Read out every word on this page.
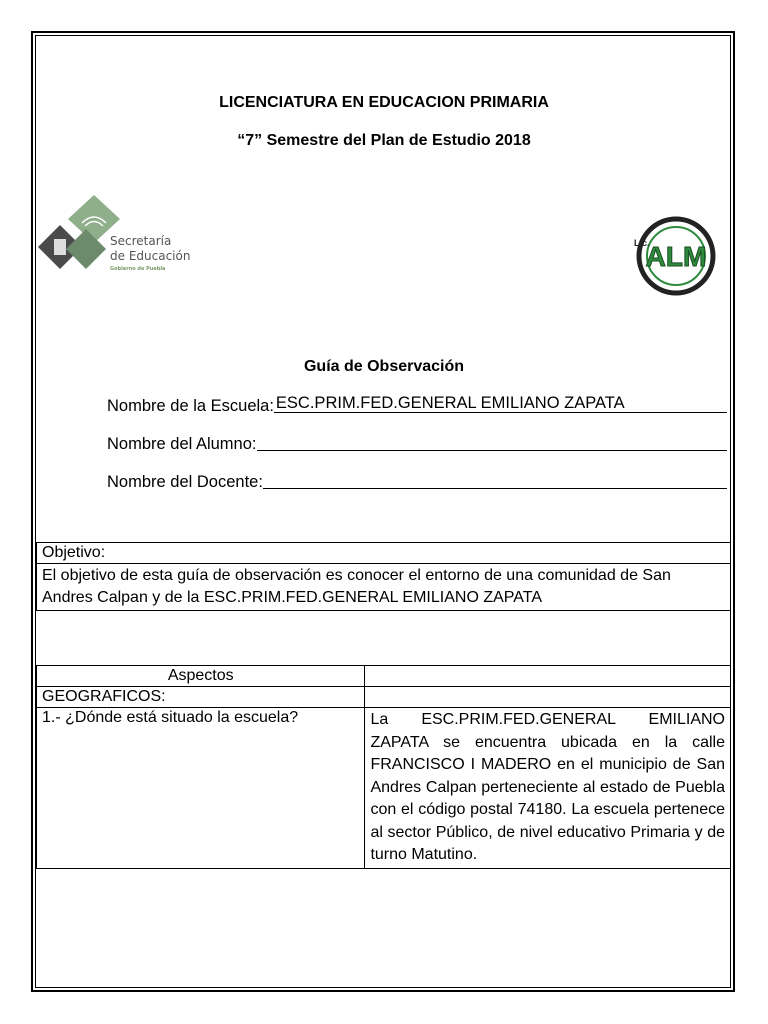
LICENCIATURA EN EDUCACION PRIMARIA
“7” Semestre del Plan de Estudio 2018
Secretaría
de Educación
Gobierno de Puebla	ALM
Lic.
Guía de Observación
Nombre de la Escuela: ESC.PRIM.FED.GENERAL EMILIANO ZAPATA
Nombre del Alumno:
Nombre del Docente:
Objetivo:
El objetivo de esta guía de observación es conocer el entorno de una comunidad de San Andres Calpan y de la ESC.PRIM.FED.GENERAL EMILIANO ZAPATA
Aspectos	
GEOGRAFICOS:	
1.- ¿Dónde está situado la escuela?	La ESC.PRIM.FED.GENERAL EMILIANO ZAPATA se encuentra ubicada en la calle FRANCISCO I MADERO en el municipio de San Andres Calpan perteneciente al estado de Puebla con el código postal 74180. La escuela pertenece al sector Público, de nivel educativo Primaria y de turno Matutino.
